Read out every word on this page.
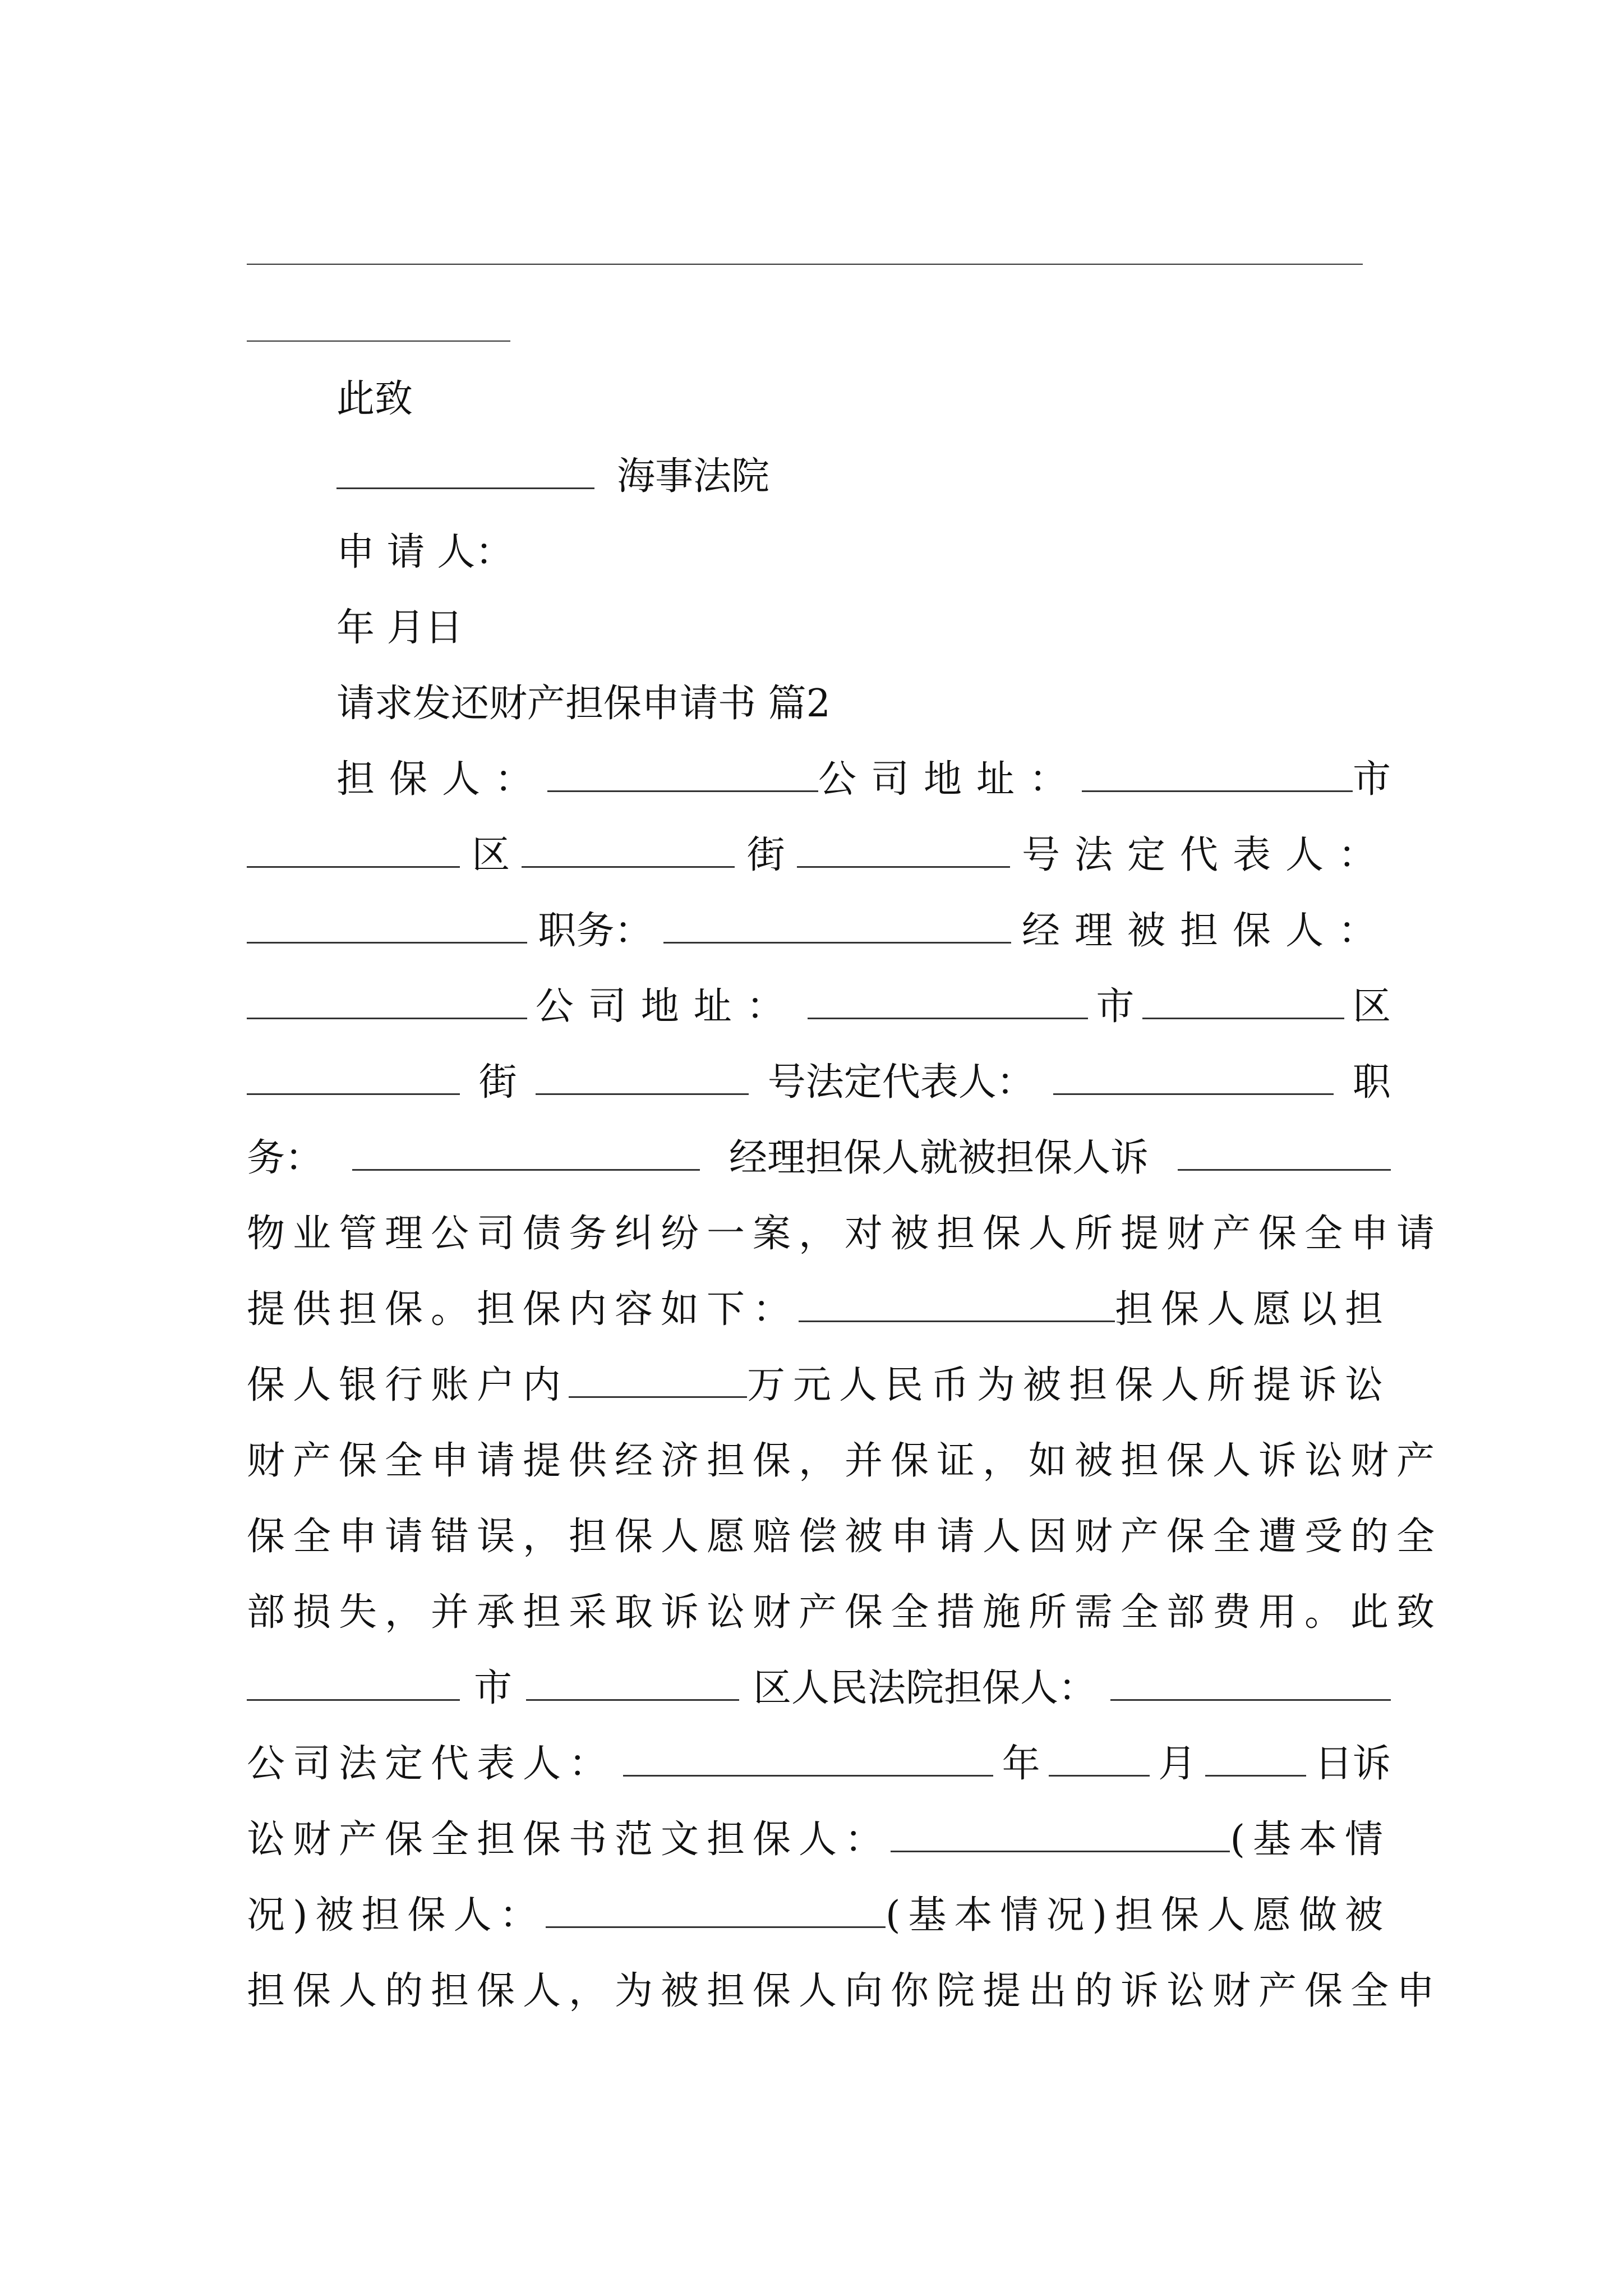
此致
海事法院
申 请 人：
年 月日
请求发还财产担保申请书 篇2
担保人：	公司地址：	市
区	街	号法定代表人：
职务：	经理被担保人：
公司地址：	市	区
街	号法定代表人：	职
务：	经理担保人就被担保人诉
物业管理公司债务纠纷一案，对被担保人所提财产保全申请
提供担保。担保内容如下：	担保人愿以担
保人银行账户内	万元人民币为被担保人所提诉讼
财产保全申请提供经济担保，并保证，如被担保人诉讼财产
保全申请错误，担保人愿赔偿被申请人因财产保全遭受的全
部损失，并承担采取诉讼财产保全措施所需全部费用。此致
市	区人民法院担保人：
公司法定代表人：	年	月	日诉
讼财产保全担保书范文担保人：	(基本情
况)被担保人：	(基本情况)担保人愿做被
担保人的担保人，为被担保人向你院提出的诉讼财产保全申
